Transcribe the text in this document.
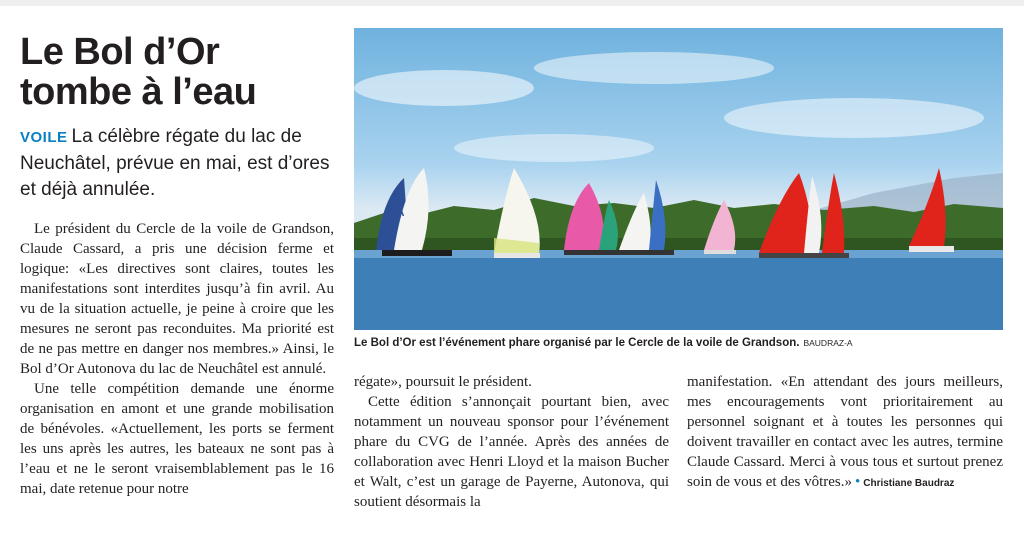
Le Bol d’Or tombe à l’eau
VOILE La célèbre régate du lac de Neuchâtel, prévue en mai, est d’ores et déjà annulée.
GA
Le Bol d’Or est l’événement phare organisé par le Cercle de la voile de Grandson. BAUDRAZ-A

Le président du Cercle de la voile de Grandson, Claude Cassard, a pris une décision ferme et logique: «Les directives sont claires, toutes les manifestations sont interdites jusqu’à fin avril. Au vu de la situation actuelle, je peine à croire que les mesures ne seront pas reconduites. Ma priorité est de ne pas mettre en danger nos membres.» Ainsi, le Bol d’Or Autonova du lac de Neuchâtel est annulé.

Une telle compétition demande une énorme organisation en amont et une grande mobilisation de bénévoles. «Actuellement, les ports se ferment les uns après les autres, les bateaux ne sont pas à l’eau et ne le seront vraisemblablement pas le 16 mai, date retenue pour notre

régate», poursuit le président.

Cette édition s’annonçait pourtant bien, avec notamment un nouveau sponsor pour l’événement phare du CVG de l’année. Après des années de collaboration avec Henri Lloyd et la maison Bucher et Walt, c’est un garage de Payerne, Autonova, qui soutient désormais la

manifestation. «En attendant des jours meilleurs, mes encouragements vont prioritairement au personnel soignant et à toutes les personnes qui doivent travailler en contact avec les autres, termine Claude Cassard. Merci à vous tous et surtout prenez soin de vous et des vôtres.» • Christiane Baudraz
